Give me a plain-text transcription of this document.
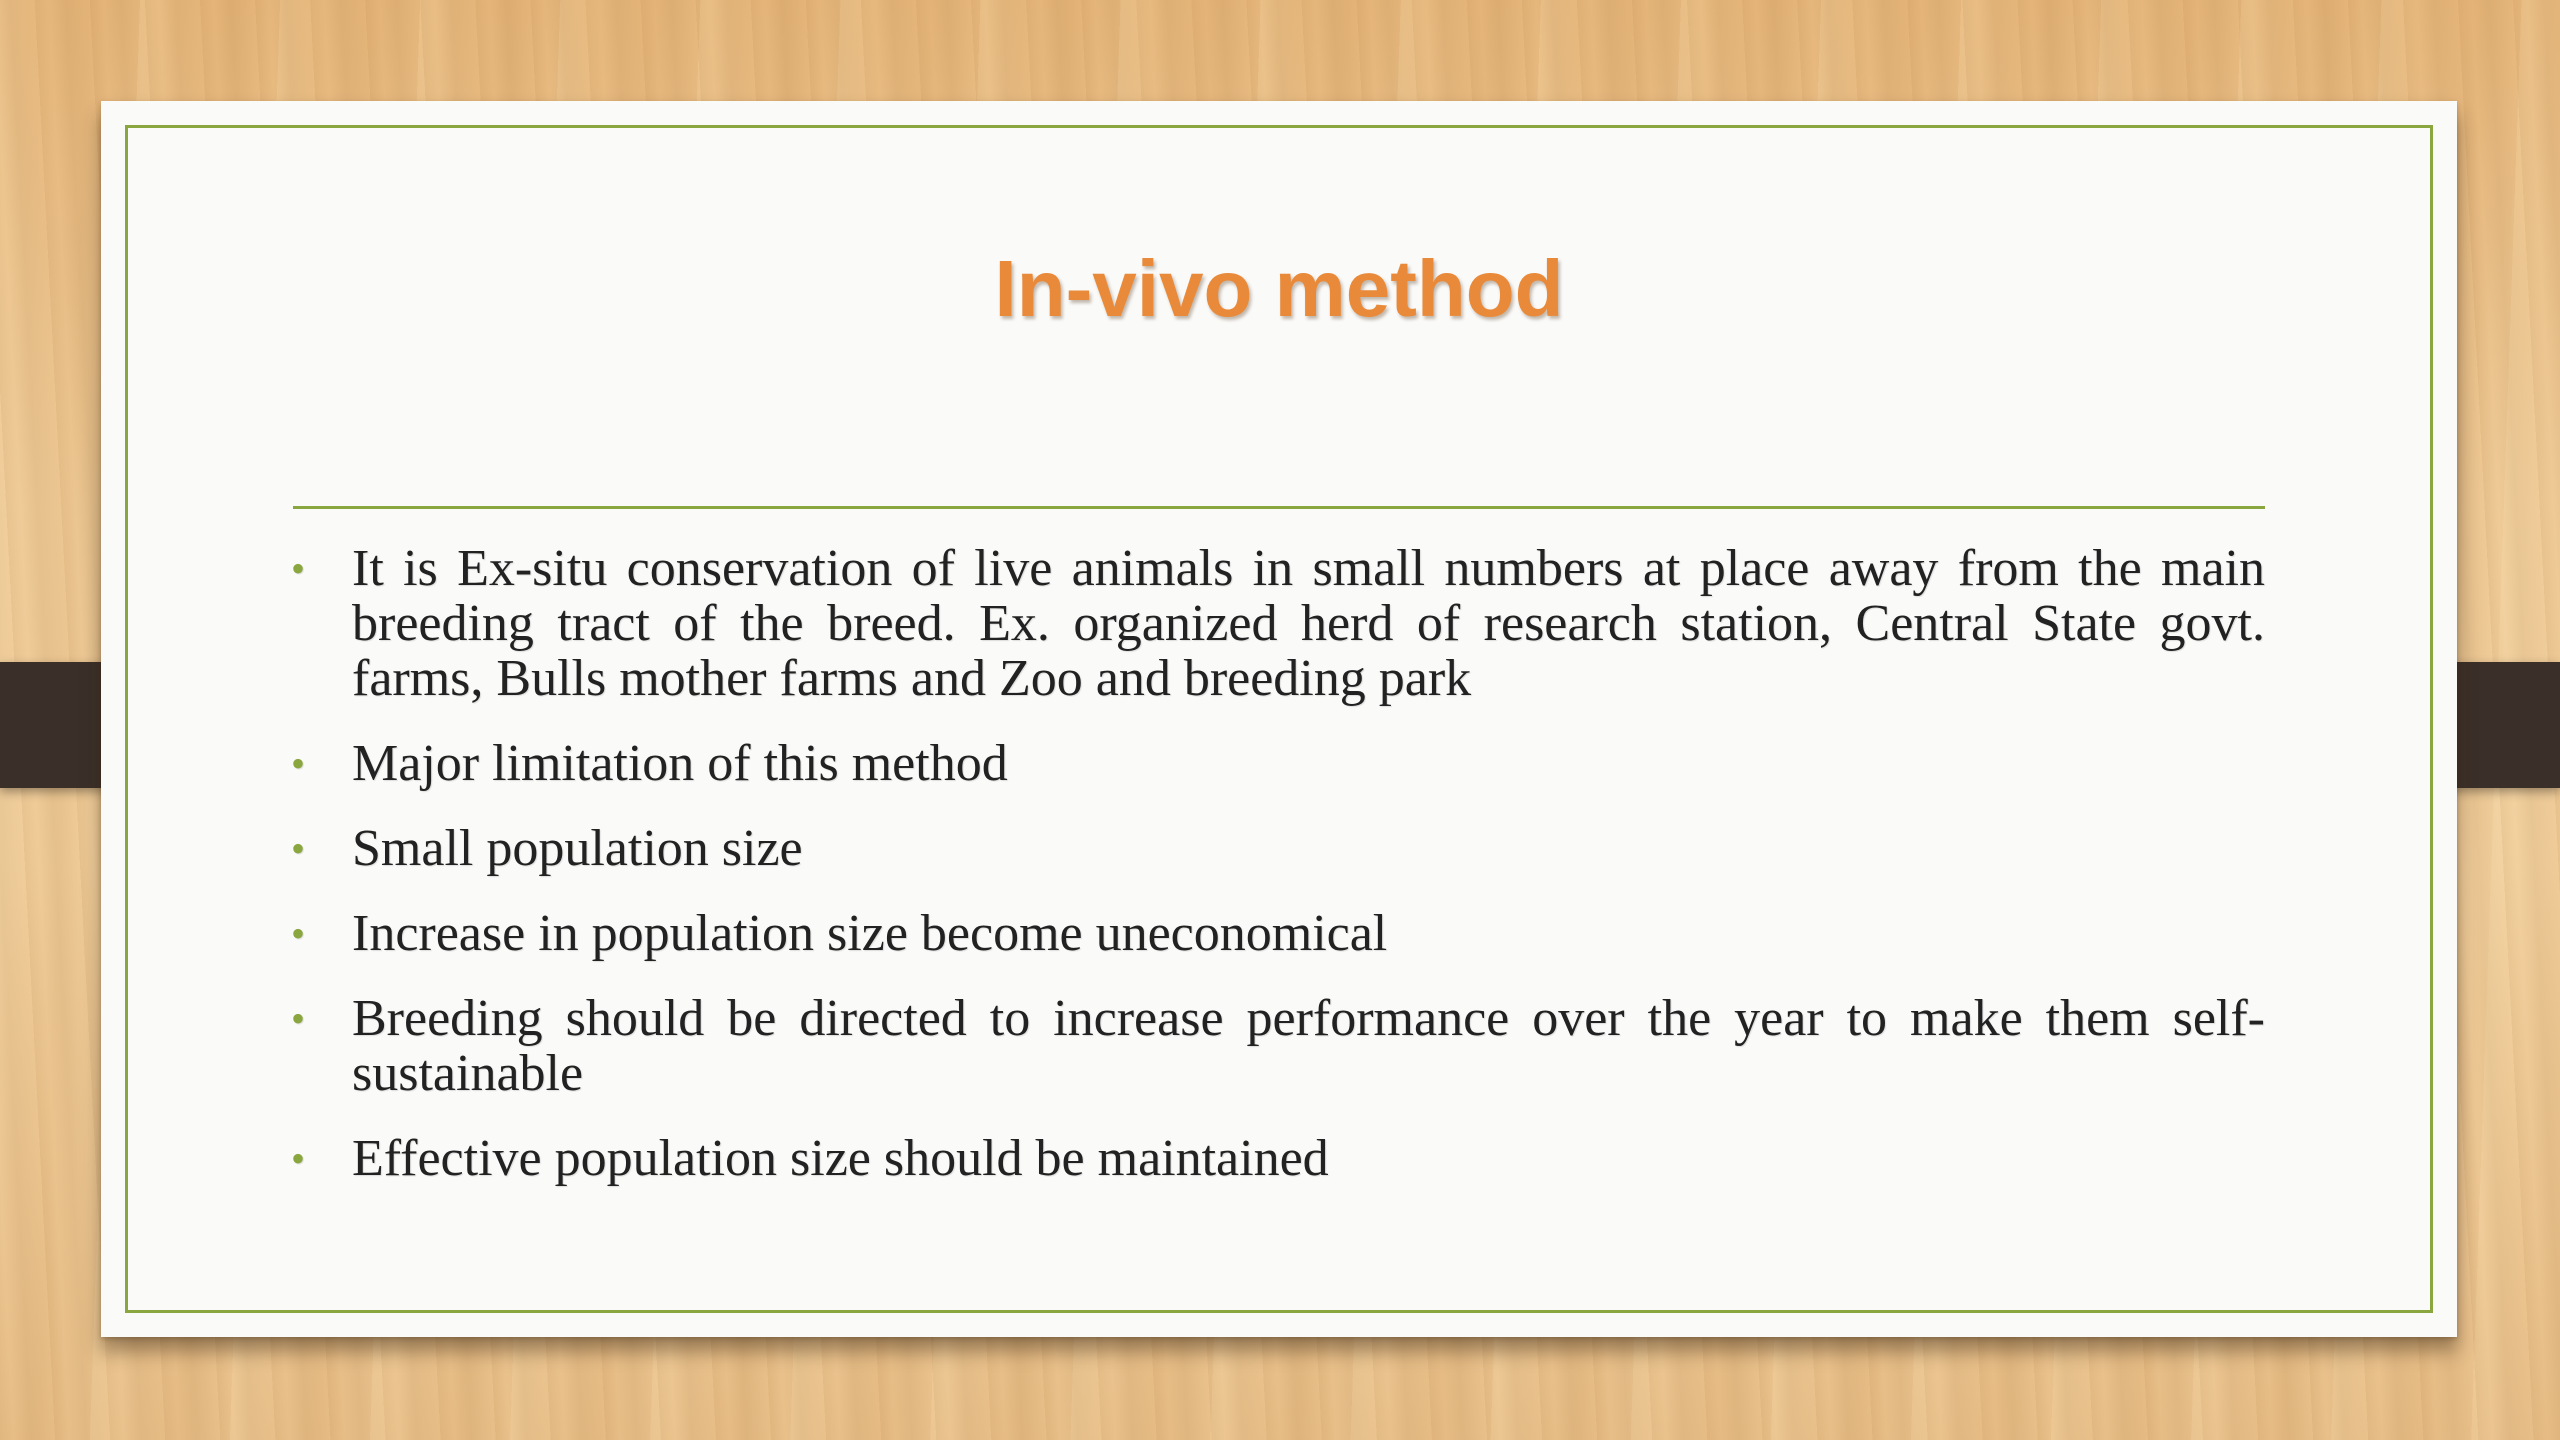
In-vivo method
• It is Ex-situ conservation of live animals in small numbers at place away from the main breeding tract of the breed. Ex. organized herd of research station, Central State govt. farms, Bulls mother farms and Zoo and breeding park
• Major limitation of this method
• Small population size
• Increase in population size become uneconomical
• Breeding should be directed to increase performance over the year to make them self-sustainable
• Effective population size should be maintained
